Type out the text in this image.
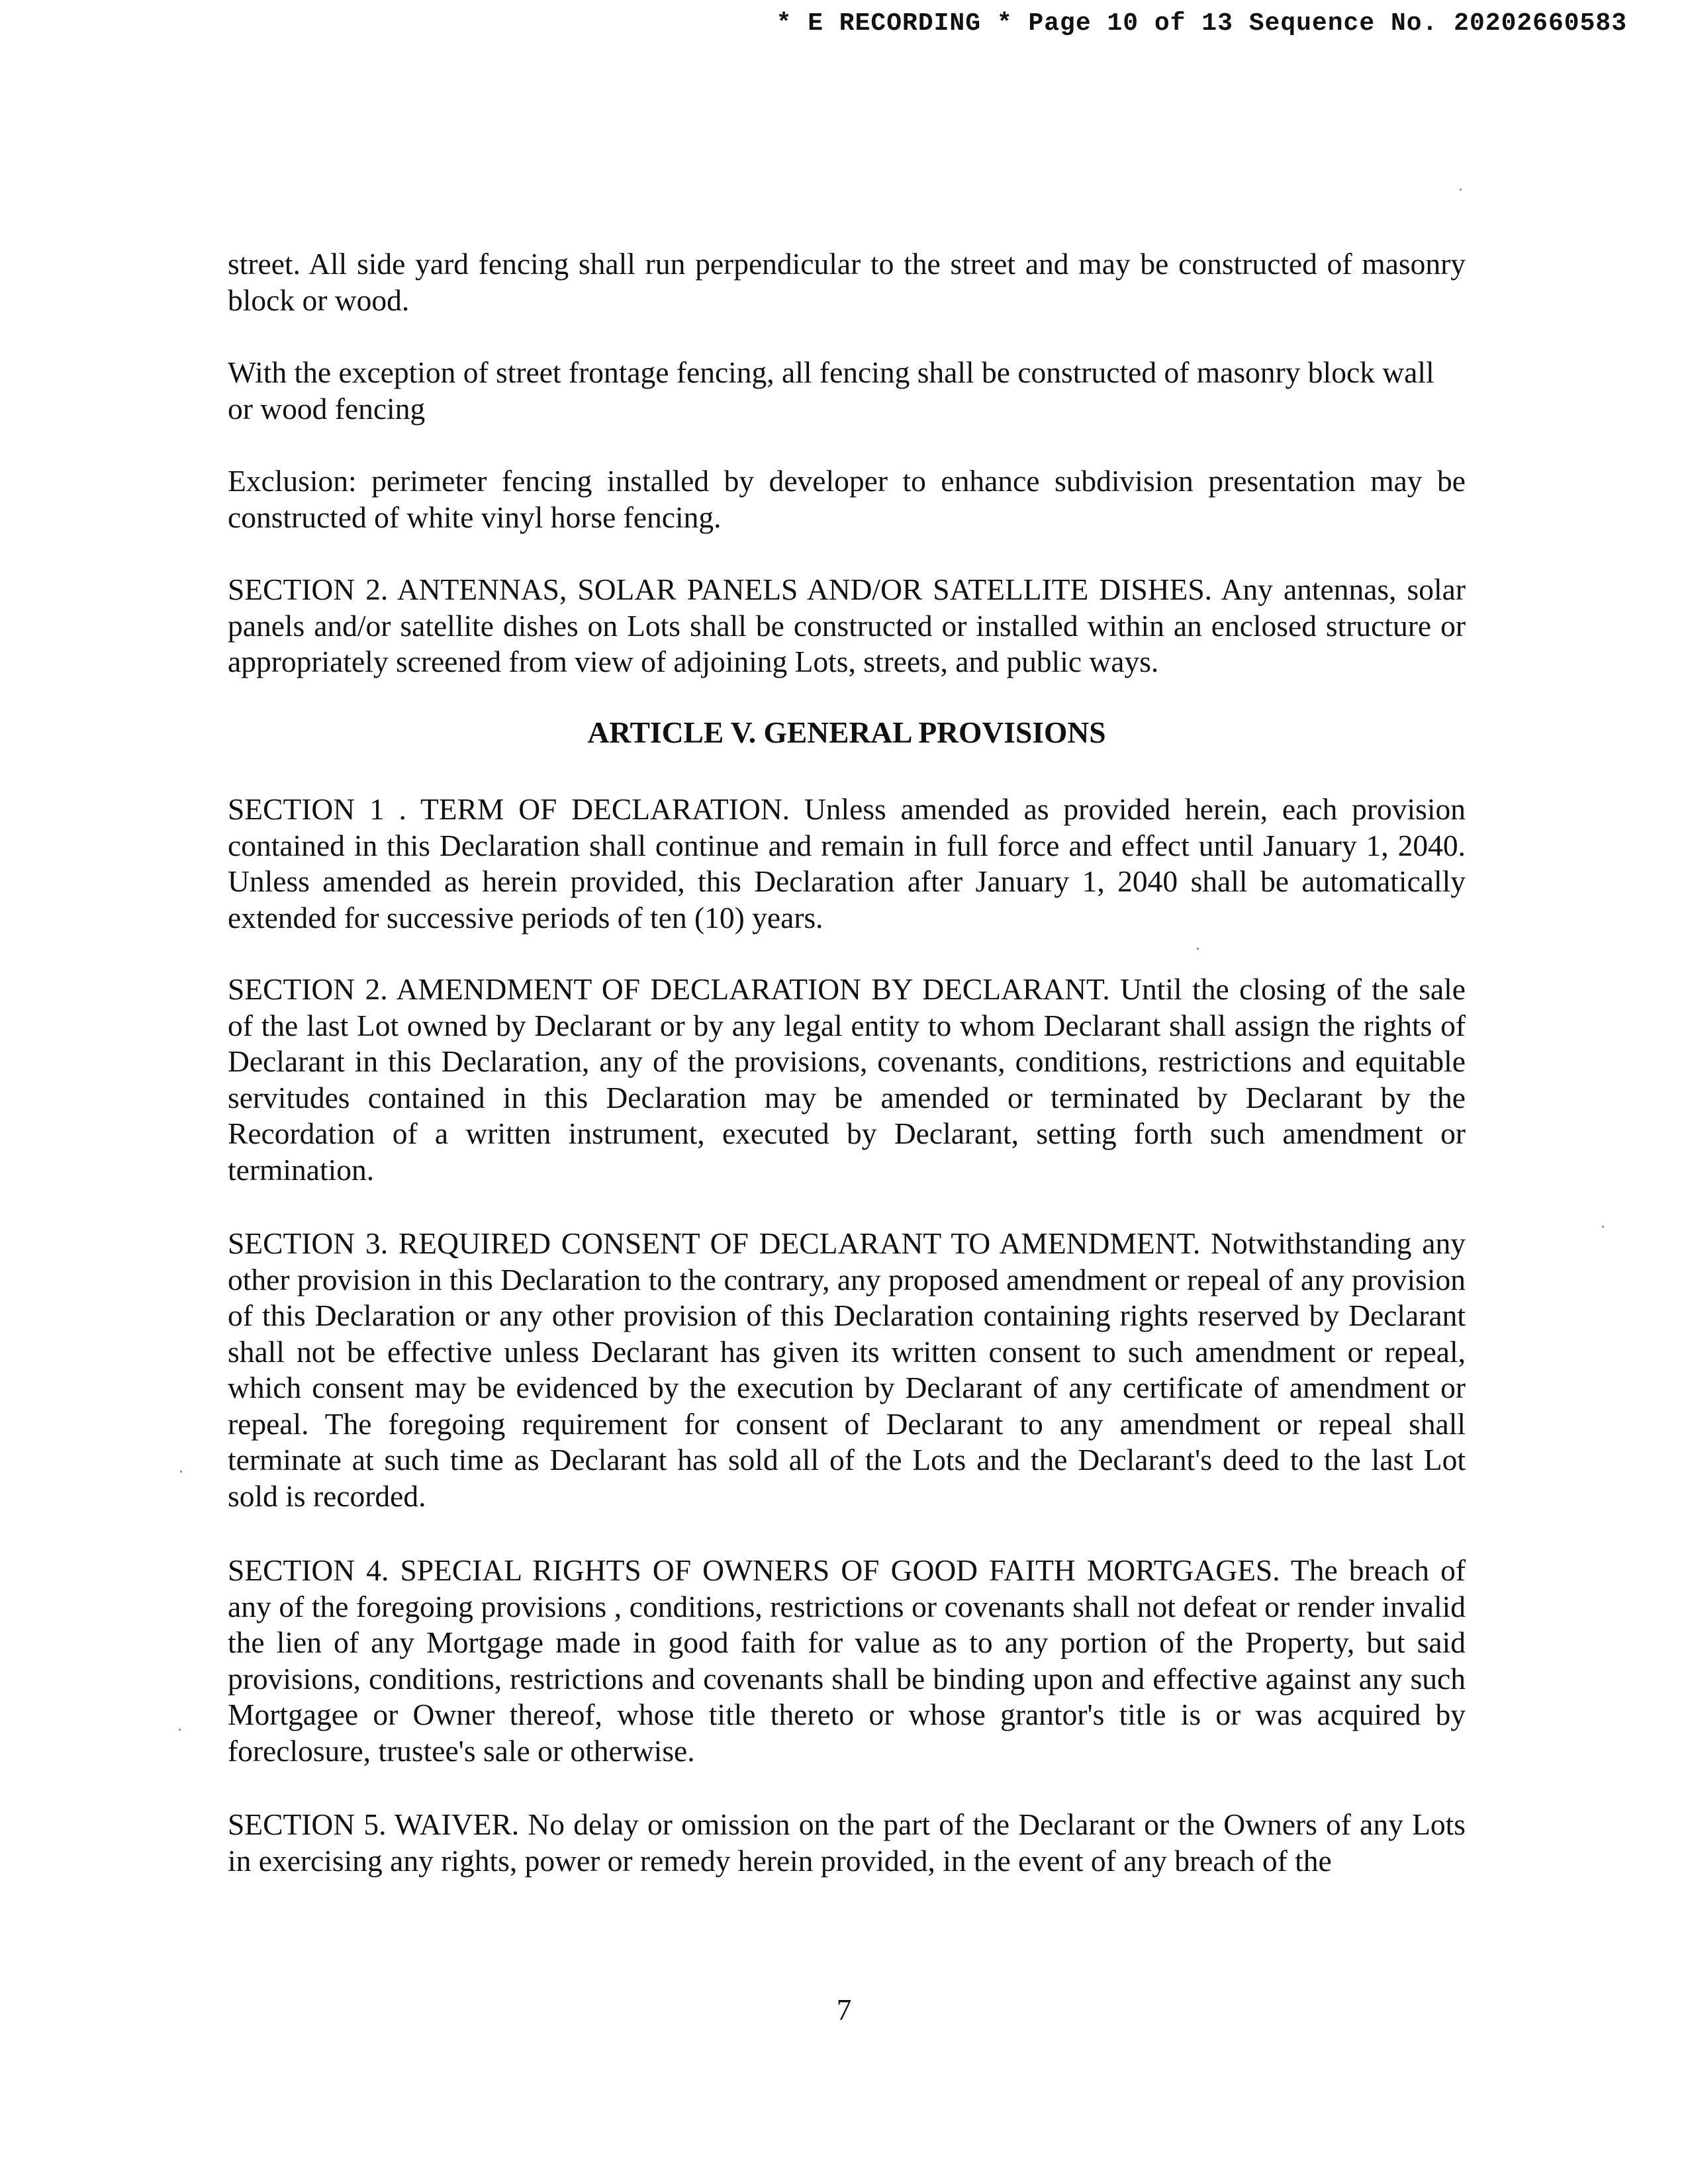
* E RECORDING * Page 10 of 13 Sequence No. 20202660583

street. All side yard fencing shall run perpendicular to the street and may be constructed of masonry block or wood.

With the exception of street frontage fencing, all fencing shall be constructed of masonry block wall or wood fencing

Exclusion: perimeter fencing installed by developer to enhance subdivision presentation may be constructed of white vinyl horse fencing.

SECTION 2. ANTENNAS, SOLAR PANELS AND/OR SATELLITE DISHES. Any antennas, solar panels and/or satellite dishes on Lots shall be constructed or installed within an enclosed structure or appropriately screened from view of adjoining Lots, streets, and public ways.

ARTICLE V. GENERAL PROVISIONS

SECTION 1 . TERM OF DECLARATION. Unless amended as provided herein, each provision contained in this Declaration shall continue and remain in full force and effect until January 1, 2040. Unless amended as herein provided, this Declaration after January 1, 2040 shall be automatically extended for successive periods of ten (10) years.

SECTION 2. AMENDMENT OF DECLARATION BY DECLARANT. Until the closing of the sale of the last Lot owned by Declarant or by any legal entity to whom Declarant shall assign the rights of Declarant in this Declaration, any of the provisions, covenants, conditions, restrictions and equitable servitudes contained in this Declaration may be amended or terminated by Declarant by the Recordation of a written instrument, executed by Declarant, setting forth such amendment or termination.

SECTION 3. REQUIRED CONSENT OF DECLARANT TO AMENDMENT. Notwithstanding any other provision in this Declaration to the contrary, any proposed amendment or repeal of any provision of this Declaration or any other provision of this Declaration containing rights reserved by Declarant shall not be effective unless Declarant has given its written consent to such amendment or repeal, which consent may be evidenced by the execution by Declarant of any certificate of amendment or repeal. The foregoing requirement for consent of Declarant to any amendment or repeal shall terminate at such time as Declarant has sold all of the Lots and the Declarant's deed to the last Lot sold is recorded.

SECTION 4. SPECIAL RIGHTS OF OWNERS OF GOOD FAITH MORTGAGES. The breach of any of the foregoing provisions , conditions, restrictions or covenants shall not defeat or render invalid the lien of any Mortgage made in good faith for value as to any portion of the Property, but said provisions, conditions, restrictions and covenants shall be binding upon and effective against any such Mortgagee or Owner thereof, whose title thereto or whose grantor's title is or was acquired by foreclosure, trustee's sale or otherwise.

SECTION 5. WAIVER. No delay or omission on the part of the Declarant or the Owners of any Lots in exercising any rights, power or remedy herein provided, in the event of any breach of the

7
